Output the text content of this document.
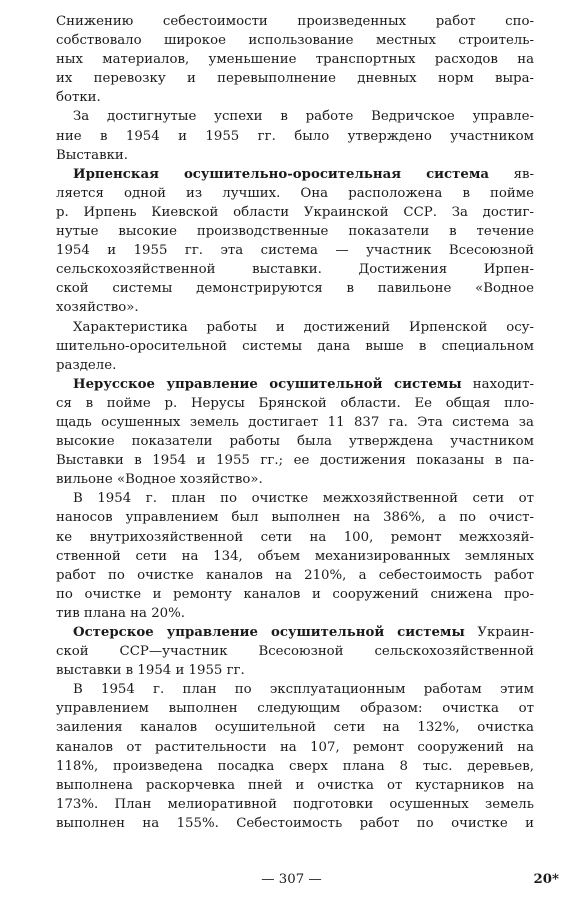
Снижению себестоимости произведенных работ спо-
собствовало широкое использование местных строитель-
ных материалов, уменьшение транспортных расходов на
их перевозку и перевыполнение дневных норм выра-
ботки.
За достигнутые успехи в работе Ведричское управле-
ние в 1954 и 1955 гг. было утверждено участником
Выставки.
Ирпенская осушительно-оросительная система яв-
ляется одной из лучших. Она расположена в пойме
р. Ирпень Киевской области Украинской ССР. За достиг-
нутые высокие производственные показатели в течение
1954 и 1955 гг. эта система — участник Всесоюзной
сельскохозяйственной выставки. Достижения Ирпен-
ской системы демонстрируются в павильоне «Водное
хозяйство».
Характеристика работы и достижений Ирпенской осу-
шительно-оросительной системы дана выше в специальном
разделе.
Нерусское управление осушительной системы находит-
ся в пойме р. Нерусы Брянской области. Ее общая пло-
щадь осушенных земель достигает 11 837 га. Эта система за
высокие показатели работы была утверждена участником
Выставки в 1954 и 1955 гг.; ее достижения показаны в па-
вильоне «Водное хозяйство».
В 1954 г. план по очистке межхозяйственной сети от
наносов управлением был выполнен на 386%, а по очист-
ке внутрихозяйственной сети на 100, ремонт межхозяй-
ственной сети на 134, объем механизированных земляных
работ по очистке каналов на 210%, а себестоимость работ
по очистке и ремонту каналов и сооружений снижена про-
тив плана на 20%.
Остерское управление осушительной системы Украин-
ской ССР—участник Всесоюзной сельскохозяйственной
выставки в 1954 и 1955 гг.
В 1954 г. план по эксплуатационным работам этим
управлением выполнен следующим образом: очистка от
заиления каналов осушительной сети на 132%, очистка
каналов от растительности на 107, ремонт сооружений на
118%, произведена посадка сверх плана 8 тыс. деревьев,
выполнена раскорчевка пней и очистка от кустарников на
173%. План мелиоративной подготовки осушенных земель
выполнен на 155%. Себестоимость работ по очистке и
— 307 —	20*
